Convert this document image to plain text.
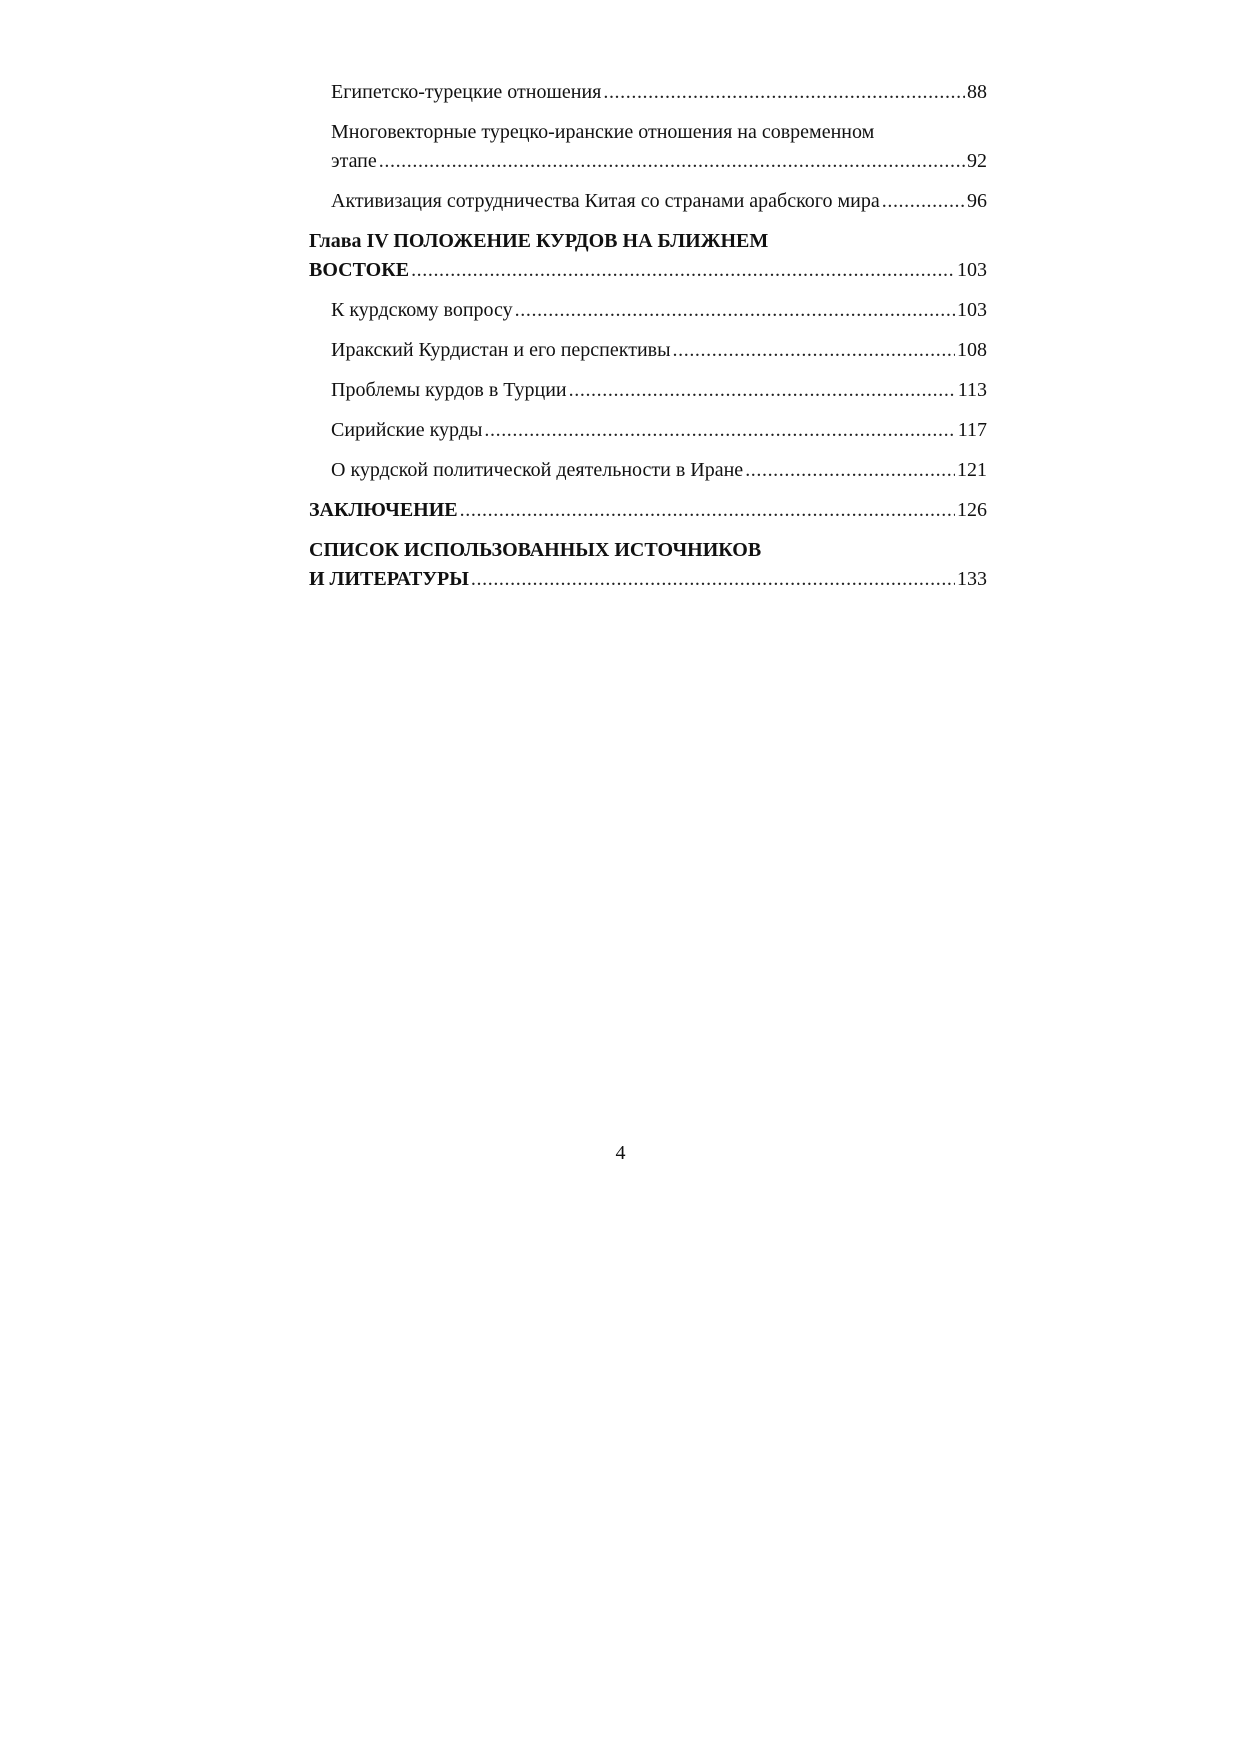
Египетско-турецкие отношения .....	88
Многовекторные турецко-иранские отношения на современном
этапе .....	92
Активизация сотрудничества Китая со странами арабского мира .....	96
Глава IV ПОЛОЖЕНИЕ КУРДОВ НА БЛИЖНЕМ
ВОСТОКЕ .....	103
К курдскому вопросу .....	103
Иракский Курдистан и его перспективы .....	108
Проблемы курдов в Турции .....	113
Сирийские курды .....	117
О курдской политической деятельности в Иране .....	121
ЗАКЛЮЧЕНИЕ .....	126
СПИСОК ИСПОЛЬЗОВАННЫХ ИСТОЧНИКОВ
И ЛИТЕРАТУРЫ .....	133
4
